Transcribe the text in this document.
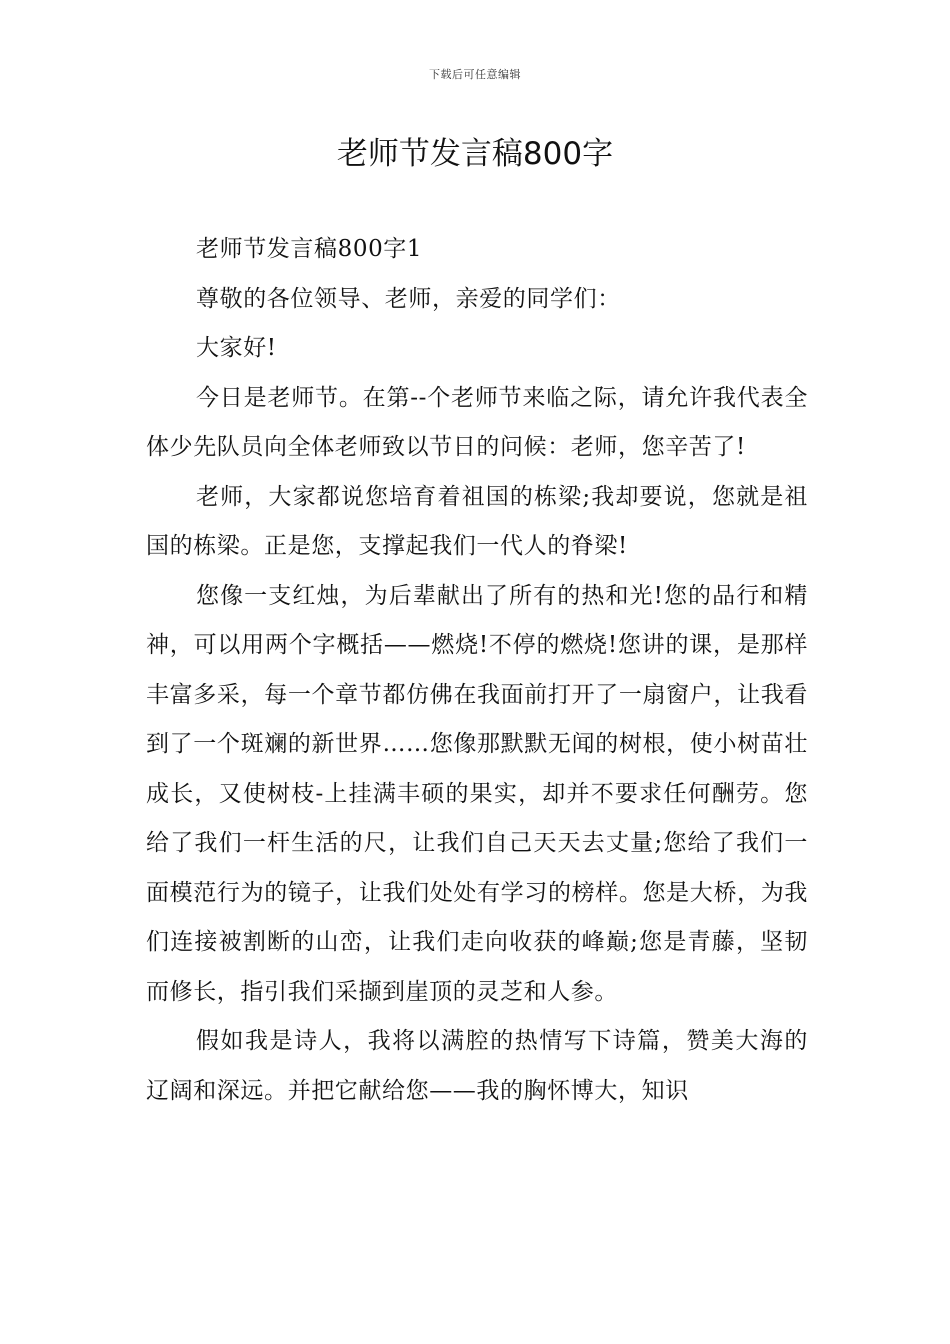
下载后可任意编辑
老师节发言稿800字

老师节发言稿800字1

尊敬的各位领导、老师，亲爱的同学们：

大家好!

今日是老师节。在第--个老师节来临之际，请允许我代表全体少先队员向全体老师致以节日的问候：老师，您辛苦了!

老师，大家都说您培育着祖国的栋梁;我却要说，您就是祖国的栋梁。正是您，支撑起我们一代人的脊梁!

您像一支红烛，为后辈献出了所有的热和光!您的品行和精神，可以用两个字概括——燃烧!不停的燃烧!您讲的课，是那样丰富多采，每一个章节都仿佛在我面前打开了一扇窗户，让我看到了一个斑斓的新世界……您像那默默无闻的树根，使小树苗壮成长，又使树枝-上挂满丰硕的果实，却并不要求任何酬劳。您给了我们一杆生活的尺，让我们自己天天去丈量;您给了我们一面模范行为的镜子，让我们处处有学习的榜样。您是大桥，为我们连接被割断的山峦，让我们走向收获的峰巅;您是青藤，坚韧而修长，指引我们采撷到崖顶的灵芝和人参。

假如我是诗人，我将以满腔的热情写下诗篇，赞美大海的辽阔和深远。并把它献给您——我的胸怀博大，知识
